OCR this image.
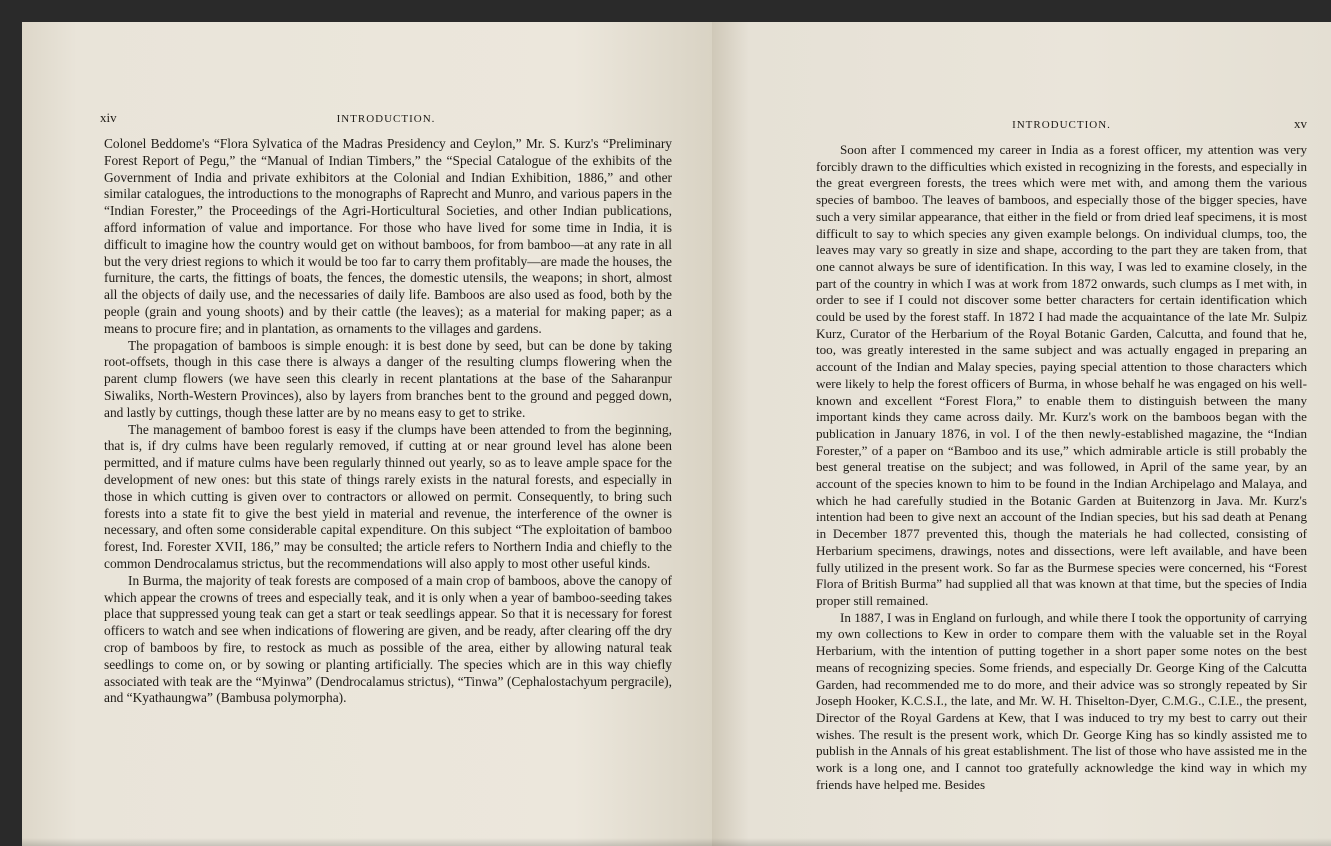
xiv	INTRODUCTION.

Colonel Beddome's “Flora Sylvatica of the Madras Presidency and Ceylon,” Mr. S. Kurz's “Preliminary Forest Report of Pegu,” the “Manual of Indian Timbers,” the “Special Catalogue of the exhibits of the Government of India and private exhibitors at the Colonial and Indian Exhibition, 1886,” and other similar catalogues, the introductions to the monographs of Raprecht and Munro, and various papers in the “Indian Forester,” the Proceedings of the Agri-Horticultural Societies, and other Indian publications, afford information of value and importance. For those who have lived for some time in India, it is difficult to imagine how the country would get on without bamboos, for from bamboo—at any rate in all but the very driest regions to which it would be too far to carry them profitably—are made the houses, the furniture, the carts, the fittings of boats, the fences, the domestic utensils, the weapons; in short, almost all the objects of daily use, and the necessaries of daily life. Bamboos are also used as food, both by the people (grain and young shoots) and by their cattle (the leaves); as a material for making paper; as a means to procure fire; and in plantation, as ornaments to the villages and gardens.

The propagation of bamboos is simple enough: it is best done by seed, but can be done by taking root-offsets, though in this case there is always a danger of the resulting clumps flowering when the parent clump flowers (we have seen this clearly in recent plantations at the base of the Saharanpur Siwaliks, North-Western Provinces), also by layers from branches bent to the ground and pegged down, and lastly by cuttings, though these latter are by no means easy to get to strike.

The management of bamboo forest is easy if the clumps have been attended to from the beginning, that is, if dry culms have been regularly removed, if cutting at or near ground level has alone been permitted, and if mature culms have been regularly thinned out yearly, so as to leave ample space for the development of new ones: but this state of things rarely exists in the natural forests, and especially in those in which cutting is given over to contractors or allowed on permit. Consequently, to bring such forests into a state fit to give the best yield in material and revenue, the interference of the owner is necessary, and often some considerable capital expenditure. On this subject “The exploitation of bamboo forest, Ind. Forester XVII, 186,” may be consulted; the article refers to Northern India and chiefly to the common Dendrocalamus strictus, but the recommendations will also apply to most other useful kinds.

In Burma, the majority of teak forests are composed of a main crop of bamboos, above the canopy of which appear the crowns of trees and especially teak, and it is only when a year of bamboo-seeding takes place that suppressed young teak can get a start or teak seedlings appear. So that it is necessary for forest officers to watch and see when indications of flowering are given, and be ready, after clearing off the dry crop of bamboos by fire, to restock as much as possible of the area, either by allowing natural teak seedlings to come on, or by sowing or planting artificially. The species which are in this way chiefly associated with teak are the “Myinwa” (Dendrocalamus strictus), “Tinwa” (Cephalostachyum pergracile), and “Kyathaungwa” (Bambusa polymorpha).

INTRODUCTION.	xv

Soon after I commenced my career in India as a forest officer, my attention was very forcibly drawn to the difficulties which existed in recognizing in the forests, and especially in the great evergreen forests, the trees which were met with, and among them the various species of bamboo. The leaves of bamboos, and especially those of the bigger species, have such a very similar appearance, that either in the field or from dried leaf specimens, it is most difficult to say to which species any given example belongs. On individual clumps, too, the leaves may vary so greatly in size and shape, according to the part they are taken from, that one cannot always be sure of identification. In this way, I was led to examine closely, in the part of the country in which I was at work from 1872 onwards, such clumps as I met with, in order to see if I could not discover some better characters for certain identification which could be used by the forest staff. In 1872 I had made the acquaintance of the late Mr. Sulpiz Kurz, Curator of the Herbarium of the Royal Botanic Garden, Calcutta, and found that he, too, was greatly interested in the same subject and was actually engaged in preparing an account of the Indian and Malay species, paying special attention to those characters which were likely to help the forest officers of Burma, in whose behalf he was engaged on his well-known and excellent “Forest Flora,” to enable them to distinguish between the many important kinds they came across daily. Mr. Kurz's work on the bamboos began with the publication in January 1876, in vol. I of the then newly-established magazine, the “Indian Forester,” of a paper on “Bamboo and its use,” which admirable article is still probably the best general treatise on the subject; and was followed, in April of the same year, by an account of the species known to him to be found in the Indian Archipelago and Malaya, and which he had carefully studied in the Botanic Garden at Buitenzorg in Java. Mr. Kurz's intention had been to give next an account of the Indian species, but his sad death at Penang in December 1877 prevented this, though the materials he had collected, consisting of Herbarium specimens, drawings, notes and dissections, were left available, and have been fully utilized in the present work. So far as the Burmese species were concerned, his “Forest Flora of British Burma” had supplied all that was known at that time, but the species of India proper still remained.

In 1887, I was in England on furlough, and while there I took the opportunity of carrying my own collections to Kew in order to compare them with the valuable set in the Royal Herbarium, with the intention of putting together in a short paper some notes on the best means of recognizing species. Some friends, and especially Dr. George King of the Calcutta Garden, had recommended me to do more, and their advice was so strongly repeated by Sir Joseph Hooker, K.C.S.I., the late, and Mr. W. H. Thiselton-Dyer, C.M.G., C.I.E., the present, Director of the Royal Gardens at Kew, that I was induced to try my best to carry out their wishes. The result is the present work, which Dr. George King has so kindly assisted me to publish in the Annals of his great establishment. The list of those who have assisted me in the work is a long one, and I cannot too gratefully acknowledge the kind way in which my friends have helped me. Besides
